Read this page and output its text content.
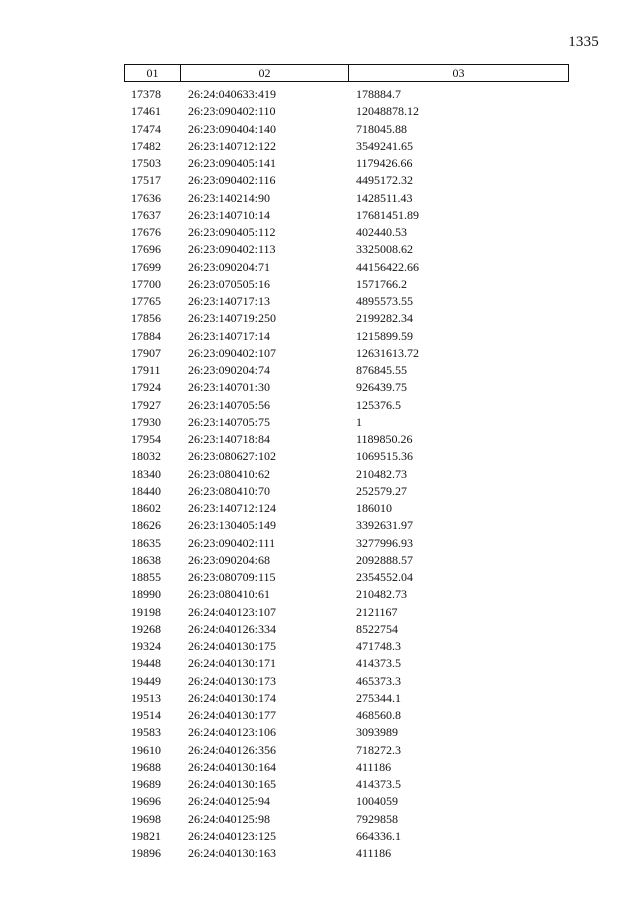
1335
01	02	03
17378 26:24:040633:419	178884.7
17461 26:23:090402:110	12048878.12
17474 26:23:090404:140	718045.88
17482 26:23:140712:122	3549241.65
17503 26:23:090405:141	1179426.66
17517 26:23:090402:116	4495172.32
17636 26:23:140214:90	1428511.43
17637 26:23:140710:14	17681451.89
17676 26:23:090405:112	402440.53
17696 26:23:090402:113	3325008.62
17699 26:23:090204:71	44156422.66
17700 26:23:070505:16	1571766.2
17765 26:23:140717:13	4895573.55
17856 26:23:140719:250	2199282.34
17884 26:23:140717:14	1215899.59
17907 26:23:090402:107	12631613.72
17911 26:23:090204:74	876845.55
17924 26:23:140701:30	926439.75
17927 26:23:140705:56	125376.5
17930 26:23:140705:75	1
17954 26:23:140718:84	1189850.26
18032 26:23:080627:102	1069515.36
18340 26:23:080410:62	210482.73
18440 26:23:080410:70	252579.27
18602 26:23:140712:124	186010
18626 26:23:130405:149	3392631.97
18635 26:23:090402:111	3277996.93
18638 26:23:090204:68	2092888.57
18855 26:23:080709:115	2354552.04
18990 26:23:080410:61	210482.73
19198 26:24:040123:107	2121167
19268 26:24:040126:334	8522754
19324 26:24:040130:175	471748.3
19448 26:24:040130:171	414373.5
19449 26:24:040130:173	465373.3
19513 26:24:040130:174	275344.1
19514 26:24:040130:177	468560.8
19583 26:24:040123:106	3093989
19610 26:24:040126:356	718272.3
19688 26:24:040130:164	411186
19689 26:24:040130:165	414373.5
19696 26:24:040125:94	1004059
19698 26:24:040125:98	7929858
19821 26:24:040123:125	664336.1
19896 26:24:040130:163	411186
